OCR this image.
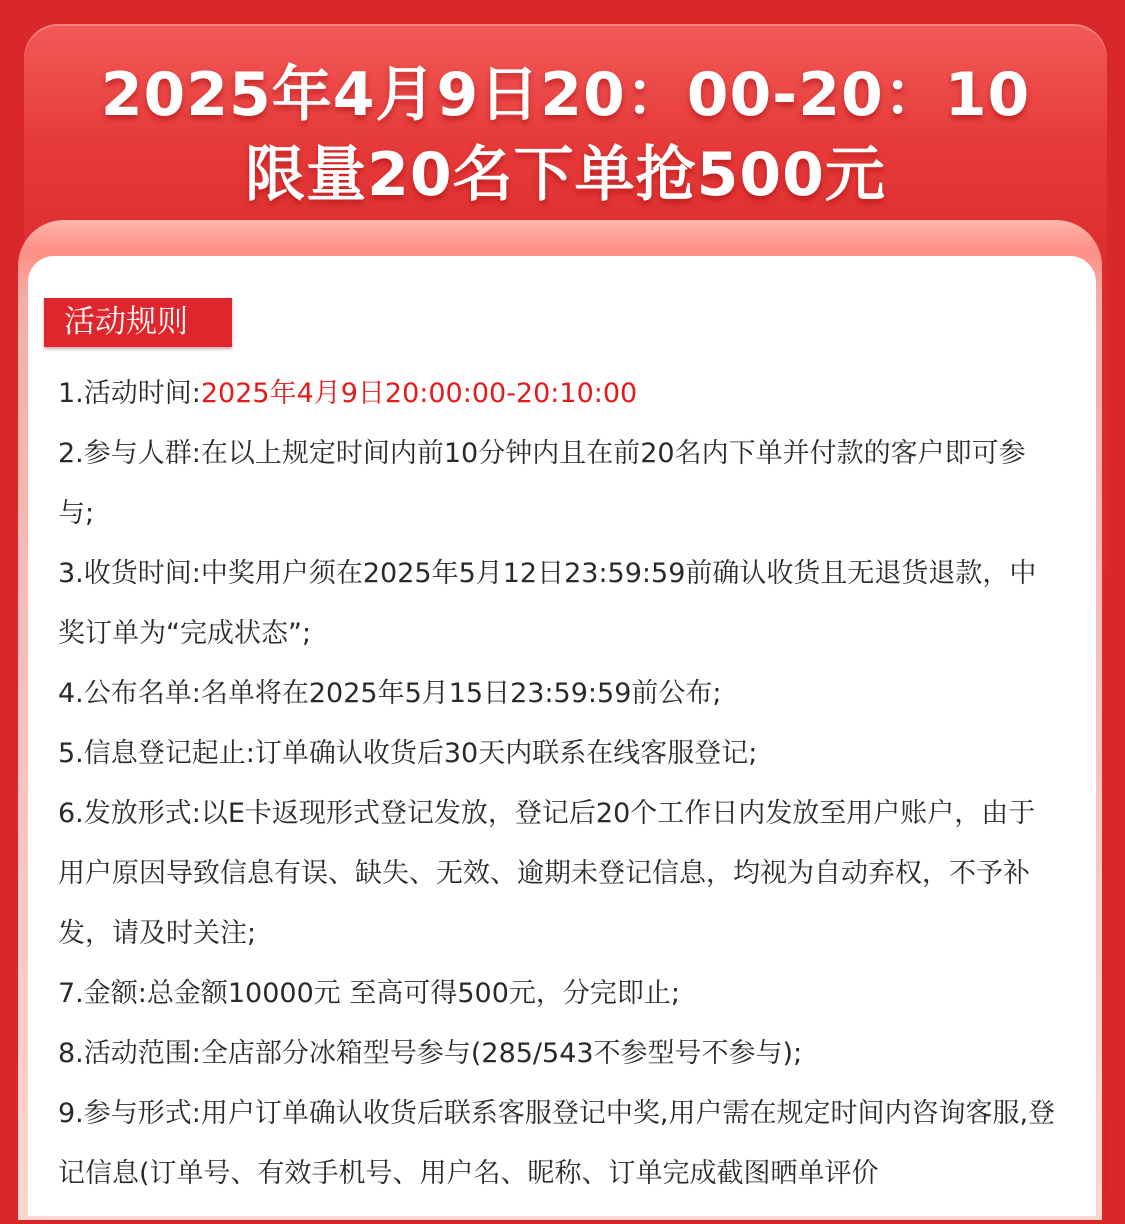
2025年4月9日20：00-20：10
限量20名下单抢500元
活动规则

1.活动时间:2025年4月9日20:00:00-20:10:00

2.参与人群:在以上规定时间内前10分钟内且在前20名内下单并付款的客户即可参与;

3.收货时间:中奖用户须在2025年5月12日23:59:59前确认收货且无退货退款，中奖订单为“完成状态”;

4.公布名单:名单将在2025年5月15日23:59:59前公布;

5.信息登记起止:订单确认收货后30天内联系在线客服登记;

6.发放形式:以E卡返现形式登记发放，登记后20个工作日内发放至用户账户，由于用户原因导致信息有误、缺失、无效、逾期未登记信息，均视为自动弃权，不予补发，请及时关注;

7.金额:总金额10000元 至高可得500元，分完即止;

8.活动范围:全店部分冰箱型号参与(285/543不参型号不参与);

9.参与形式:用户订单确认收货后联系客服登记中奖,用户需在规定时间内咨询客服,登记信息(订单号、有效手机号、用户名、昵称、订单完成截图晒单评价
